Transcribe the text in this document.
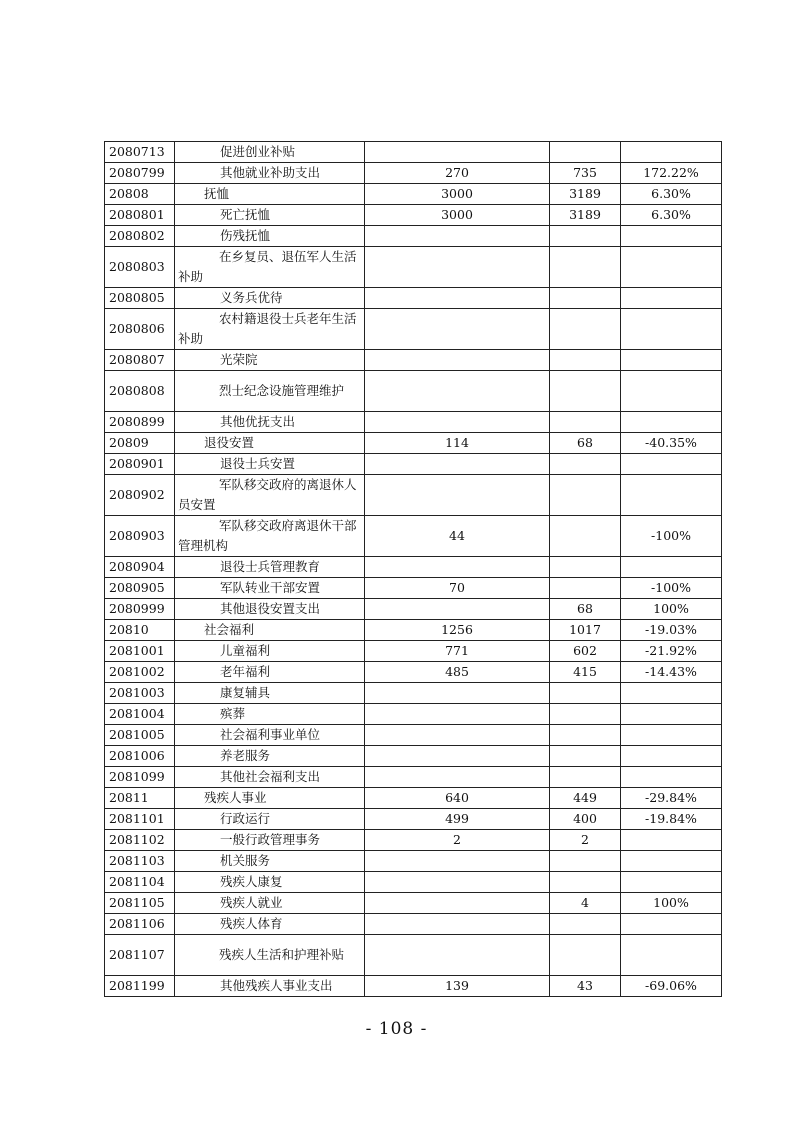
2080713	促进创业补贴			
2080799	其他就业补助支出	270	735	172.22%
20808	抚恤	3000	3189	6.30%
2080801	死亡抚恤	3000	3189	6.30%
2080802	伤残抚恤			
2080803	在乡复员、退伍军人生活补助			
2080805	义务兵优待			
2080806	农村籍退役士兵老年生活补助			
2080807	光荣院			
2080808	烈士纪念设施管理维护			
2080899	其他优抚支出			
20809	退役安置	114	68	-40.35%
2080901	退役士兵安置			
2080902	军队移交政府的离退休人员安置			
2080903	军队移交政府离退休干部管理机构	44		-100%
2080904	退役士兵管理教育			
2080905	军队转业干部安置	70		-100%
2080999	其他退役安置支出		68	100%
20810	社会福利	1256	1017	-19.03%
2081001	儿童福利	771	602	-21.92%
2081002	老年福利	485	415	-14.43%
2081003	康复辅具			
2081004	殡葬			
2081005	社会福利事业单位			
2081006	养老服务			
2081099	其他社会福利支出			
20811	残疾人事业	640	449	-29.84%
2081101	行政运行	499	400	-19.84%
2081102	一般行政管理事务	2	2	
2081103	机关服务			
2081104	残疾人康复			
2081105	残疾人就业		4	100%
2081106	残疾人体育			
2081107	残疾人生活和护理补贴			
2081199	其他残疾人事业支出	139	43	-69.06%
- 108 -
